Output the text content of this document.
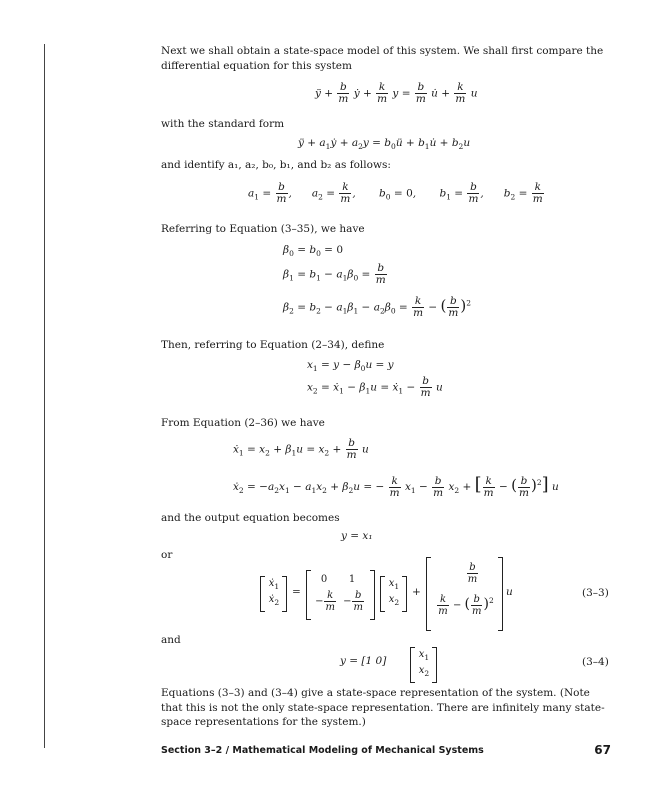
Next we shall obtain a state-space model of this system. We shall first compare the differential equation for this system
ÿ + $\frac{b}{m}$ ẏ + $\frac{k}{m}$ $y = \frac{b}{m}$ u̇ + $\frac{k}{m}$ u
with the standard form
ÿ + $a_1ẏ + a_2y$ = $b_0ü$ + $b_1u̇ + b_2u$
and identify a₁, a₂, b₀, b₁, and b₂ as follows:
$a_1 = \frac{b}{m}$ ,      $a_2 = \frac{k}{m}$ ,       $b_0 = 0$,       $b_1 = \frac{b}{m}$ ,      $b_2 = \frac{k}{m}$
Referring to Equation (3–35), we have
$\beta_0 = b_0 = 0$
$\beta_1 = b_1 - a_1\beta_0 = \frac{b}{m}$
$\beta_2 = b_2 - a_1\beta_1 - a_2\beta_0 = \frac{k}{m}$ − ( $\frac{b}{m} )^2$
Then, referring to Equation (2–34), define
$x_1 = y - \beta_0u = y$
$x_2$ = ẋ$_1$ − $\beta_1u$ = ẋ$_1$ − $\frac{b}{m}$ u
From Equation (2–36) we have
ẋ$_1$ = $x_2 + \beta_1u = x_2 + \frac{b}{m}$ u
ẋ$_2$ = $-a_2x_1 - a_1x_2 + \beta_2u$ = − $\frac{k}{m} x_1 - \frac{b}{m} x_2$ + [ $\frac{k}{m}$ − ( $\frac{b}{m} )^2$] u
and the output equation becomes
y = x₁
or
ẋ$_1$
ẋ$_2$
=
0	1
− $\frac{k}{m} - \frac{b}{m}$
$x_1$
$x_2$
+
$\frac{b}{m}$
$\frac{k}{m}$ − ( $\frac{b}{m} )^2$
u	(3–3)
and
y = [1 0]
$x_1$
$x_2$
(3–4)
Equations (3–3) and (3–4) give a state-space representation of the system. (Note that this is not the only state-space representation. There are infinitely many state-space representations for the system.)
Section 3–2 / Mathematical Modeling of Mechanical Systems	67
